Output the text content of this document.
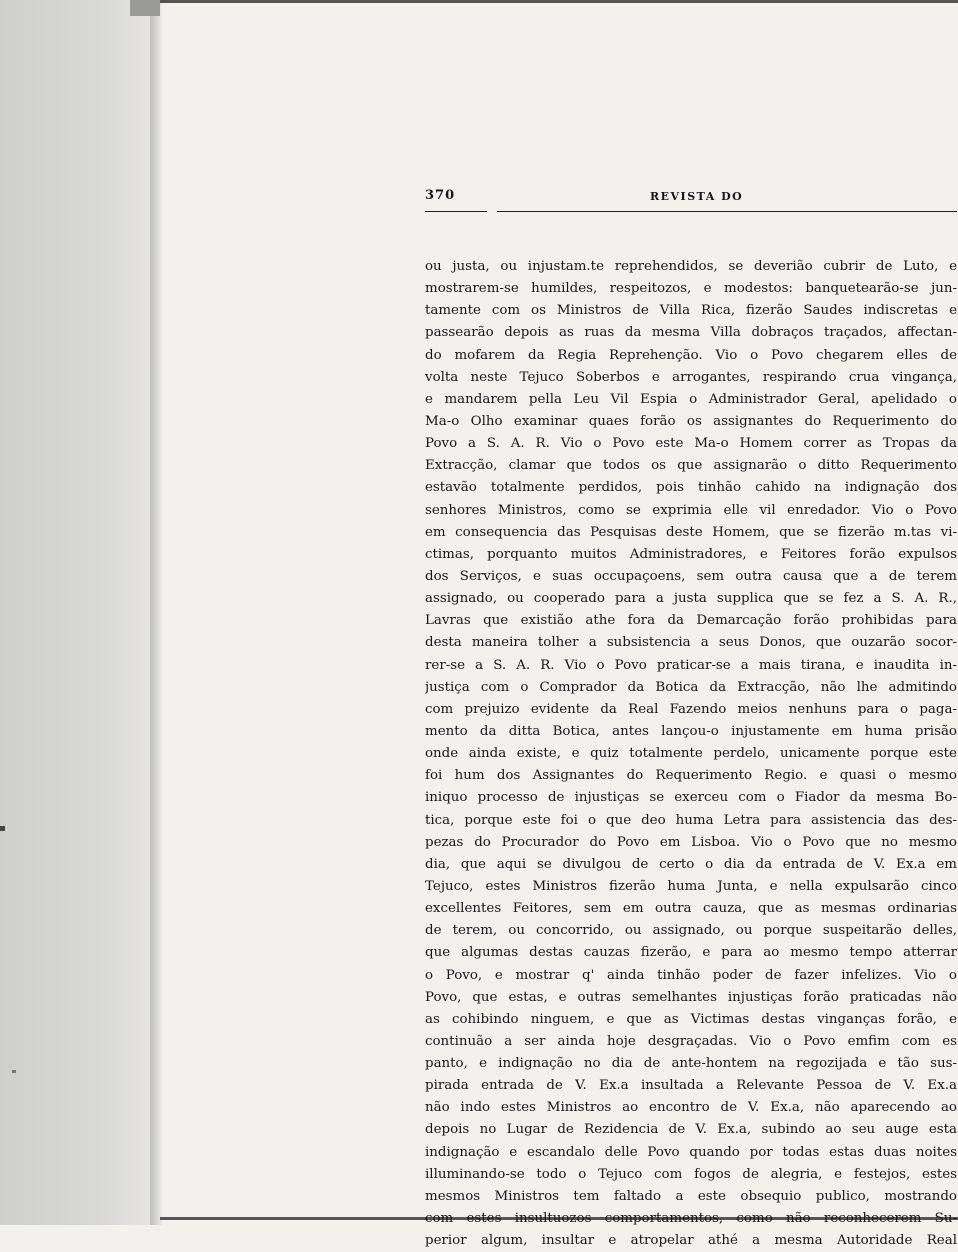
370	REVISTA DO
ou justa, ou injustam.te reprehendidos, se deverião cubrir de Luto, e
mostrarem-se humildes, respeitozos, e modestos: banquetearão-se jun-
tamente com os Ministros de Villa Rica, fizerão Saudes indiscretas e
passearão depois as ruas da mesma Villa dobraços traçados, affectan-
do mofarem da Regia Reprehenção. Vio o Povo chegarem elles de
volta neste Tejuco Soberbos e arrogantes, respirando crua vingança,
e mandarem pella Leu Vil Espia o Administrador Geral, apelidado o
Ma-o Olho examinar quaes forão os assignantes do Requerimento do
Povo a S. A. R. Vio o Povo este Ma-o Homem correr as Tropas da
Extracção, clamar que todos os que assignarão o ditto Requerimento
estavão totalmente perdidos, pois tinhão cahido na indignação dos
senhores Ministros, como se exprimia elle vil enredador. Vio o Povo
em consequencia das Pesquisas deste Homem, que se fizerão m.tas vi-
ctimas, porquanto muitos Administradores, e Feitores forão expulsos
dos Serviços, e suas occupaçoens, sem outra causa que a de terem
assignado, ou cooperado para a justa supplica que se fez a S. A. R.,
Lavras que existião athe fora da Demarcação forão prohibidas para
desta maneira tolher a subsistencia a seus Donos, que ouzarão socor-
rer-se a S. A. R. Vio o Povo praticar-se a mais tirana, e inaudita in-
justiça com o Comprador da Botica da Extracção, não lhe admitindo
com prejuizo evidente da Real Fazendo meios nenhuns para o paga-
mento da ditta Botica, antes lançou-o injustamente em huma prisão
onde ainda existe, e quiz totalmente perdelo, unicamente porque este
foi hum dos Assignantes do Requerimento Regio. e quasi o mesmo
iniquo processo de injustiças se exerceu com o Fiador da mesma Bo-
tica, porque este foi o que deo huma Letra para assistencia das des-
pezas do Procurador do Povo em Lisboa. Vio o Povo que no mesmo
dia, que aqui se divulgou de certo o dia da entrada de V. Ex.a em
Tejuco, estes Ministros fizerão huma Junta, e nella expulsarão cinco
excellentes Feitores, sem em outra cauza, que as mesmas ordinarias
de terem, ou concorrido, ou assignado, ou porque suspeitarão delles,
que algumas destas cauzas fizerão, e para ao mesmo tempo atterrar
o Povo, e mostrar q' ainda tinhão poder de fazer infelizes. Vio o
Povo, que estas, e outras semelhantes injustiças forão praticadas não
as cohibindo ninguem, e que as Victimas destas vinganças forão, e
continuão a ser ainda hoje desgraçadas. Vio o Povo emfim com es
panto, e indignação no dia de ante-hontem na regozijada e tão sus-
pirada entrada de V. Ex.a insultada a Relevante Pessoa de V. Ex.a
não indo estes Ministros ao encontro de V. Ex.a, não aparecendo ao
depois no Lugar de Rezidencia de V. Ex.a, subindo ao seu auge esta
indignação e escandalo delle Povo quando por todas estas duas noites
illuminando-se todo o Tejuco com fogos de alegria, e festejos, estes
mesmos Ministros tem faltado a este obsequio publico, mostrando
com estes insultuozos comportamentos, como não reconhecerem Su-
perior algum, insultar e atropelar athé a mesma Autoridade Real
